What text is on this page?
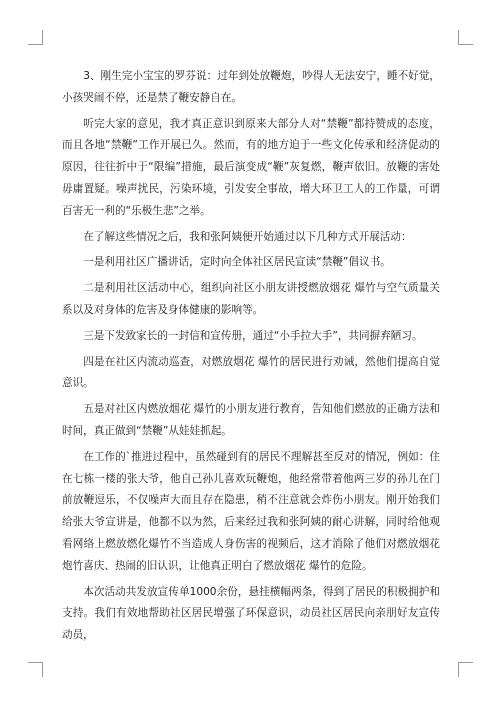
3、刚生完小宝宝的罗芬说：过年到处放鞭炮，吵得人无法安宁，睡不好觉，小孩哭闹不停，还是禁了鞭安静自在。

听完大家的意见，我才真正意识到原来大部分人对“禁鞭”都持赞成的态度，而且各地“禁鞭”工作开展已久。然而，有的地方迫于一些文化传承和经济促动的原因，往往折中于“限编”措施，最后演变成“鞭”灰复燃，鞭声依旧。放鞭的害处毋庸置疑。噪声扰民，污染环境，引发安全事故，增大环卫工人的工作量，可谓百害无一利的“乐极生悲”之举。

在了解这些情况之后，我和张阿姨便开始通过以下几种方式开展活动：

一是利用社区广播讲话，定时向全体社区居民宣读“禁鞭”倡议书。

二是利用社区活动中心，组织向社区小朋友讲授燃放烟花 爆竹与空气质量关系以及对身体的危害及身体健康的影响等。

三是下发致家长的一封信和宣传册，通过“小手拉大手”，共同摒弃陋习。

四是在社区内流动巡查，对燃放烟花 爆竹的居民进行劝诫，然他们提高自觉意识。

五是对社区内燃放烟花 爆竹的小朋友进行教育，告知他们燃放的正确方法和时间，真正做到“禁鞭”从娃娃抓起。

在工作的`推进过程中，虽然碰到有的居民不理解甚至反对的情况，例如：住在七栋一楼的张大爷，他自己孙儿喜欢玩鞭炮，他经常带着他两三岁的孙儿在门前放鞭逗乐，不仅噪声大而且存在隐患，稍不注意就会炸伤小朋友。刚开始我们给张大爷宣讲是，他都不以为然，后来经过我和张阿姨的耐心讲解，同时给他观看网络上燃放燃化爆竹不当造成人身伤害的视频后，这才消除了他们对燃放烟花炮竹喜庆、热闹的旧认识，让他真正明白了燃放烟花 爆竹的危险。

本次活动共发放宣传单1000余份，悬挂横幅两条，得到了居民的积极拥护和支持。我们有效地帮助社区居民增强了环保意识，动员社区居民向亲朋好友宣传动员，
